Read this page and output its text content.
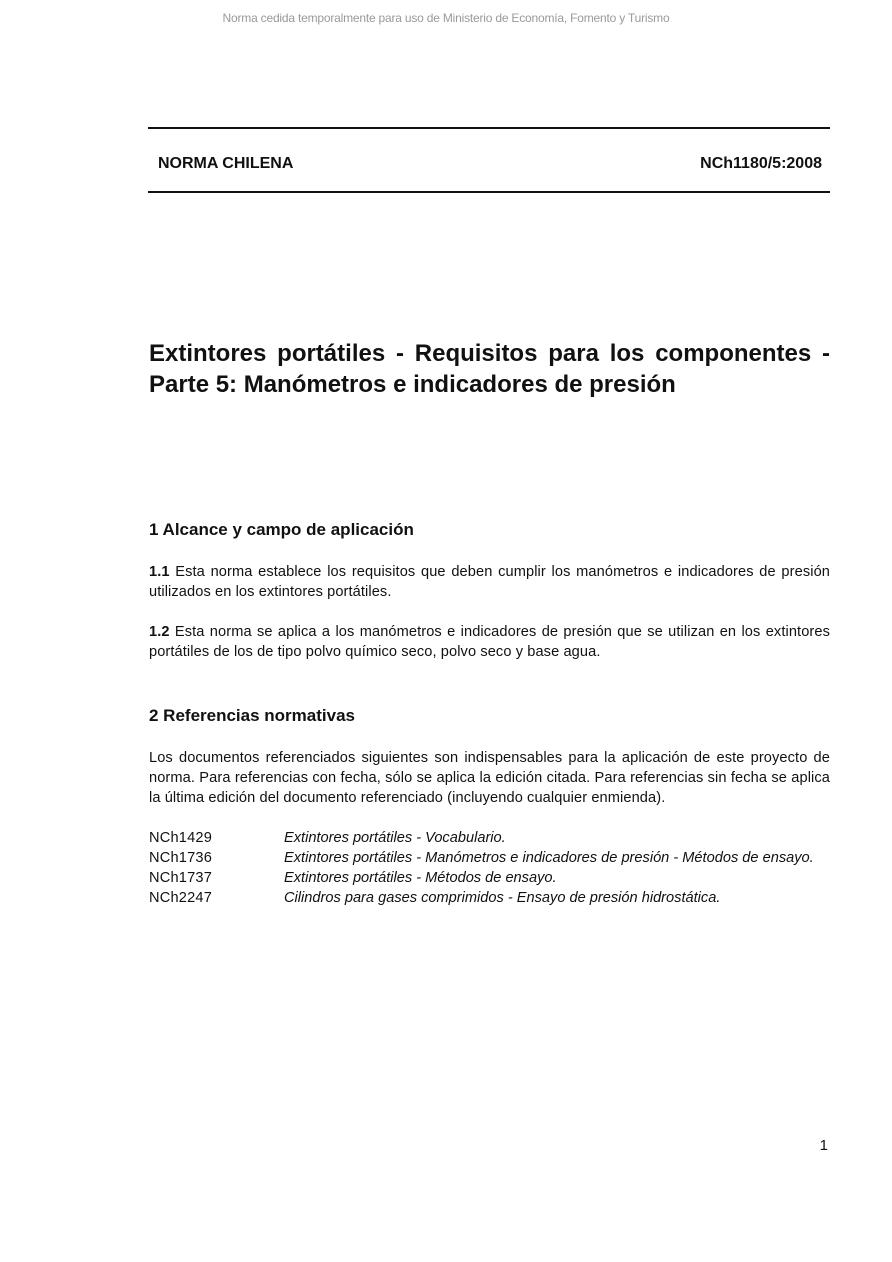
Norma cedida temporalmente para uso de Ministerio de Economía, Fomento y Turismo
NORMA CHILENA	NCh1180/5:2008
Extintores portátiles - Requisitos para los componentes - Parte 5: Manómetros e indicadores de presión
1 Alcance y campo de aplicación
1.1 Esta norma establece los requisitos que deben cumplir los manómetros e indicadores de presión utilizados en los extintores portátiles.
1.2 Esta norma se aplica a los manómetros e indicadores de presión que se utilizan en los extintores portátiles de los de tipo polvo químico seco, polvo seco y base agua.
2 Referencias normativas
Los documentos referenciados siguientes son indispensables para la aplicación de este proyecto de norma. Para referencias con fecha, sólo se aplica la edición citada. Para referencias sin fecha se aplica la última edición del documento referenciado (incluyendo cualquier enmienda).
NCh1429	Extintores portátiles - Vocabulario.
NCh1736	Extintores portátiles - Manómetros e indicadores de presión - Métodos de ensayo.
NCh1737	Extintores portátiles - Métodos de ensayo.
NCh2247	Cilindros para gases comprimidos - Ensayo de presión hidrostática.
1
